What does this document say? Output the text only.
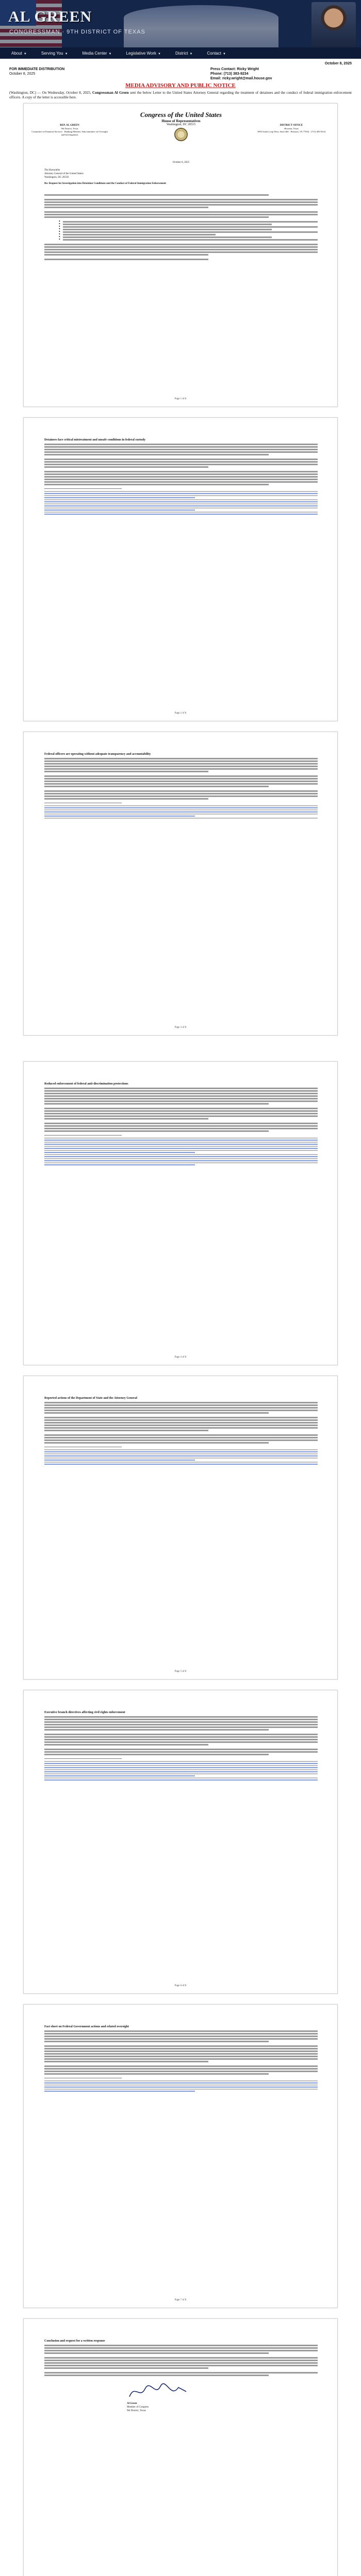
AL GREEN
CONGRESSMAN · 9TH DISTRICT OF TEXAS
About ▼	Serving You ▼	Media Center ▼	Legislative Work ▼	District ▼	Contact ▼
October 8, 2025
FOR IMMEDIATE DISTRIBUTION
October 8, 2025
Press Contact: Ricky Wright
Phone: (713) 383-9234
Email: ricky.wright@mail.house.gov
MEDIA ADVISORY AND PUBLIC NOTICE
(Washington, DC) — On Wednesday, October 8, 2025, Congressman Al Green sent the below Letter to the United States Attorney General regarding the treatment of detainees and the conduct of federal immigration enforcement officers. A copy of the letter is accessible here.
Congress of the United States
House of Representatives
Washington, DC 20515
REP. AL GREEN
9th District, Texas
Committee on Financial Services · Ranking Member, Subcommittee on Oversight and Investigations
DISTRICT OFFICE
Houston, Texas
3003 South Loop West, Suite 460 · Houston, TX 77054 · (713) 383-9234
October 8, 2025
The Honorable
Attorney General of the United States
Washington, DC 20530
Re: Request for Investigation into Detention Conditions and the Conduct of Federal Immigration Enforcement
•
•
•
•
•
•
•
•
Page 1 of 8
Detainees face critical mistreatment and unsafe conditions in federal custody
Page 2 of 8
Federal officers are operating without adequate transparency and accountability
Page 3 of 8
Reduced enforcement of federal anti-discrimination protections
Page 4 of 8
Reported actions of the Department of State and the Attorney General
Page 5 of 8
Executive branch directives affecting civil rights enforcement
Page 6 of 8
Fact sheet on Federal Government actions and related oversight
Page 7 of 8
Conclusion and request for a written response
Al Green
Member of Congress
9th District, Texas
